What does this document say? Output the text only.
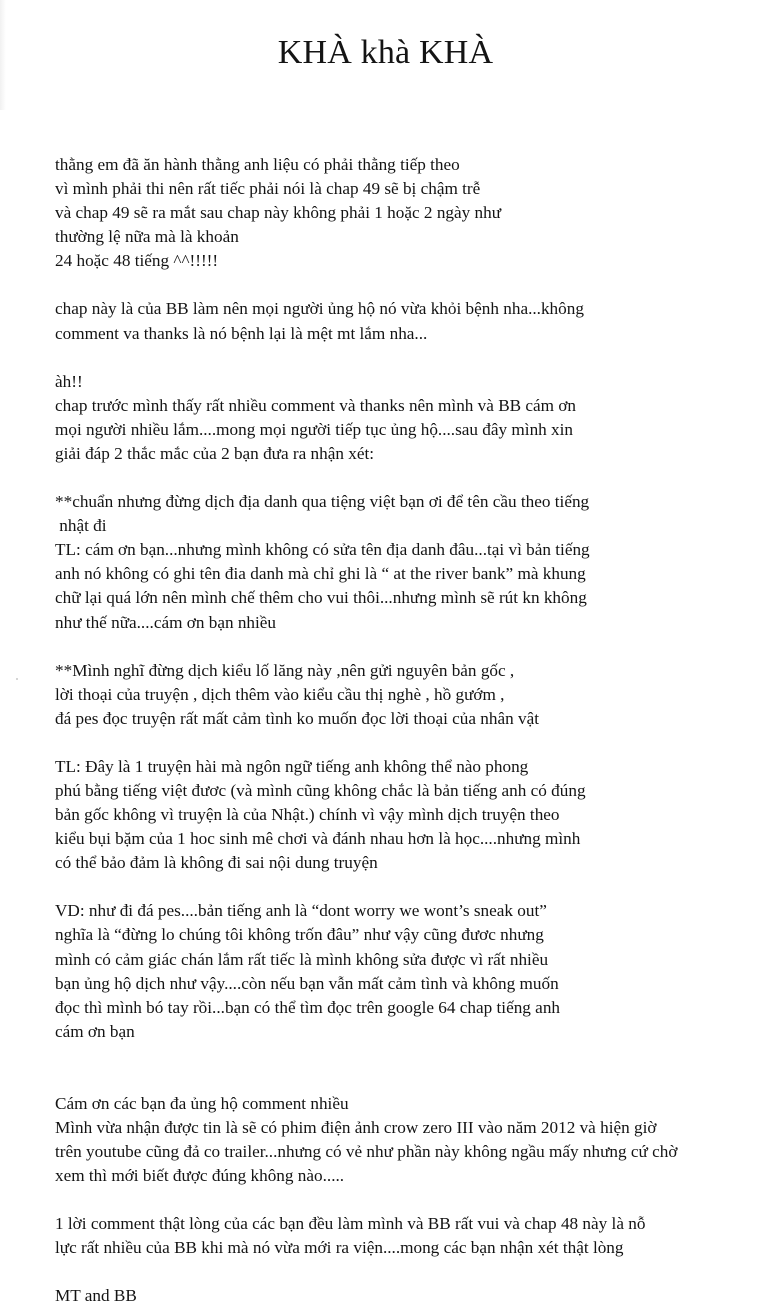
KHÀ khà KHÀ

thằng em đã ăn hành thằng anh liệu có phải thằng tiếp theo
vì mình phải thi nên rất tiếc phải nói là chap 49 sẽ bị chậm trễ
và chap 49 sẽ ra mắt sau chap này không phải 1 hoặc 2 ngày như
thường lệ nữa mà là khoản
24 hoặc 48 tiếng ^^!!!!!

chap này là của BB làm nên mọi người ủng hộ nó vừa khỏi bệnh nha...không
comment va thanks là nó bệnh lại là mệt mt lắm nha...

àh!!
chap trước mình thấy rất nhiều comment và thanks nên mình và BB cám ơn
mọi người nhiều lắm....mong mọi người tiếp tục ủng hộ....sau đây mình xin
giải đáp 2 thắc mắc của 2 bạn đưa ra nhận xét:

**chuẩn nhưng đừng dịch địa danh qua tiệng việt bạn ơi để tên cầu theo tiếng
nhật đi
TL: cám ơn bạn...nhưng mình không có sửa tên địa danh đâu...tại vì bản tiếng
anh nó không có ghi tên đia danh mà chỉ ghi là “ at the river bank” mà khung
chữ lại quá lớn nên mình chế thêm cho vui thôi...nhưng mình sẽ rút kn không
như thế nữa....cám ơn bạn nhiều

**Mình nghĩ đừng dịch kiểu lố lăng này ,nên gửi nguyên bản gốc ,
lời thoại của truyện , dịch thêm vào kiểu cầu thị nghè , hồ gướm ,
đá pes đọc truyện rất mất cảm tình ko muốn đọc lời thoại của nhân vật

TL: Đây là 1 truyện hài mà ngôn ngữ tiếng anh không thể nào phong
phú bằng tiếng việt đươc (và mình cũng không chắc là bản tiếng anh có đúng
bản gốc không vì truyện là của Nhật.) chính vì vậy mình dịch truyện theo
kiểu bụi bặm của 1 hoc sinh mê chơi và đánh nhau hơn là học....nhưng mình
có thể bảo đảm là không đi sai nội dung truyện

VD: như đi đá pes....bản tiếng anh là “dont worry we wont’s sneak out”
nghĩa là “đừng lo chúng tôi không trốn đâu” như vậy cũng đươc nhưng
mình có cảm giác chán lắm rất tiếc là mình không sửa được vì rất nhiều
bạn ủng hộ dịch như vậy....còn nếu bạn vẫn mất cảm tình và không muốn
đọc thì mình bó tay rồi...bạn có thể tìm đọc trên google 64 chap tiếng anh
cám ơn bạn

Cám ơn các bạn đa ủng hộ comment nhiều
Mình vừa nhận được tin là sẽ có phim điện ảnh crow zero III vào năm 2012 và hiện giờ
trên youtube cũng đả co trailer...nhưng có vẻ như phần này không ngầu mấy nhưng cứ chờ
xem thì mới biết được đúng không nào.....

1 lời comment thật lòng của các bạn đều làm mình và BB rất vui và chap 48 này là nỗ
lực rất nhiều của BB khi mà nó vừa mới ra viện....mong các bạn nhận xét thật lòng

MT and BB
